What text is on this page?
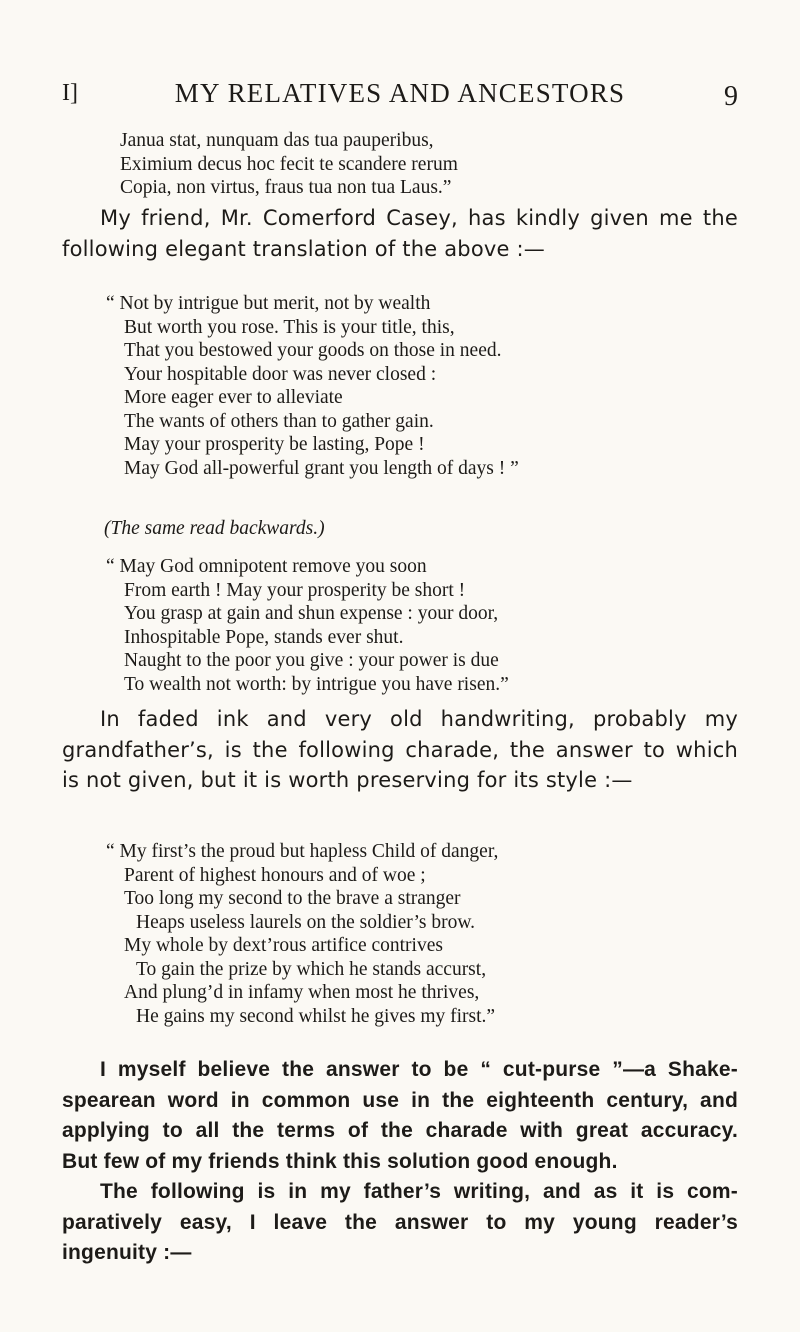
I]	MY RELATIVES AND ANCESTORS	9
Janua stat, nunquam das tua pauperibus,
Eximium decus hoc fecit te scandere rerum
Copia, non virtus, fraus tua non tua Laus.”
My friend, Mr. Comerford Casey, has kindly given me the
following elegant translation of the above :—
“ Not by intrigue but merit, not by wealth
But worth you rose. This is your title, this,
That you bestowed your goods on those in need.
Your hospitable door was never closed :
More eager ever to alleviate
The wants of others than to gather gain.
May your prosperity be lasting, Pope !
May God all-powerful grant you length of days ! ”
(The same read backwards.)
“ May God omnipotent remove you soon
From earth ! May your prosperity be short !
You grasp at gain and shun expense : your door,
Inhospitable Pope, stands ever shut.
Naught to the poor you give : your power is due
To wealth not worth: by intrigue you have risen.”
In faded ink and very old handwriting, probably my
grandfather’s, is the following charade, the answer to which
is not given, but it is worth preserving for its style :—
“ My first’s the proud but hapless Child of danger,
Parent of highest honours and of woe ;
Too long my second to the brave a stranger
Heaps useless laurels on the soldier’s brow.
My whole by dext’rous artifice contrives
To gain the prize by which he stands accurst,
And plung’d in infamy when most he thrives,
He gains my second whilst he gives my first.”
I myself believe the answer to be “ cut-purse ”—a Shake-
spearean word in common use in the eighteenth century, and
applying to all the terms of the charade with great accuracy.
But few of my friends think this solution good enough.
The following is in my father’s writing, and as it is com-
paratively easy, I leave the answer to my young reader’s
ingenuity :—
